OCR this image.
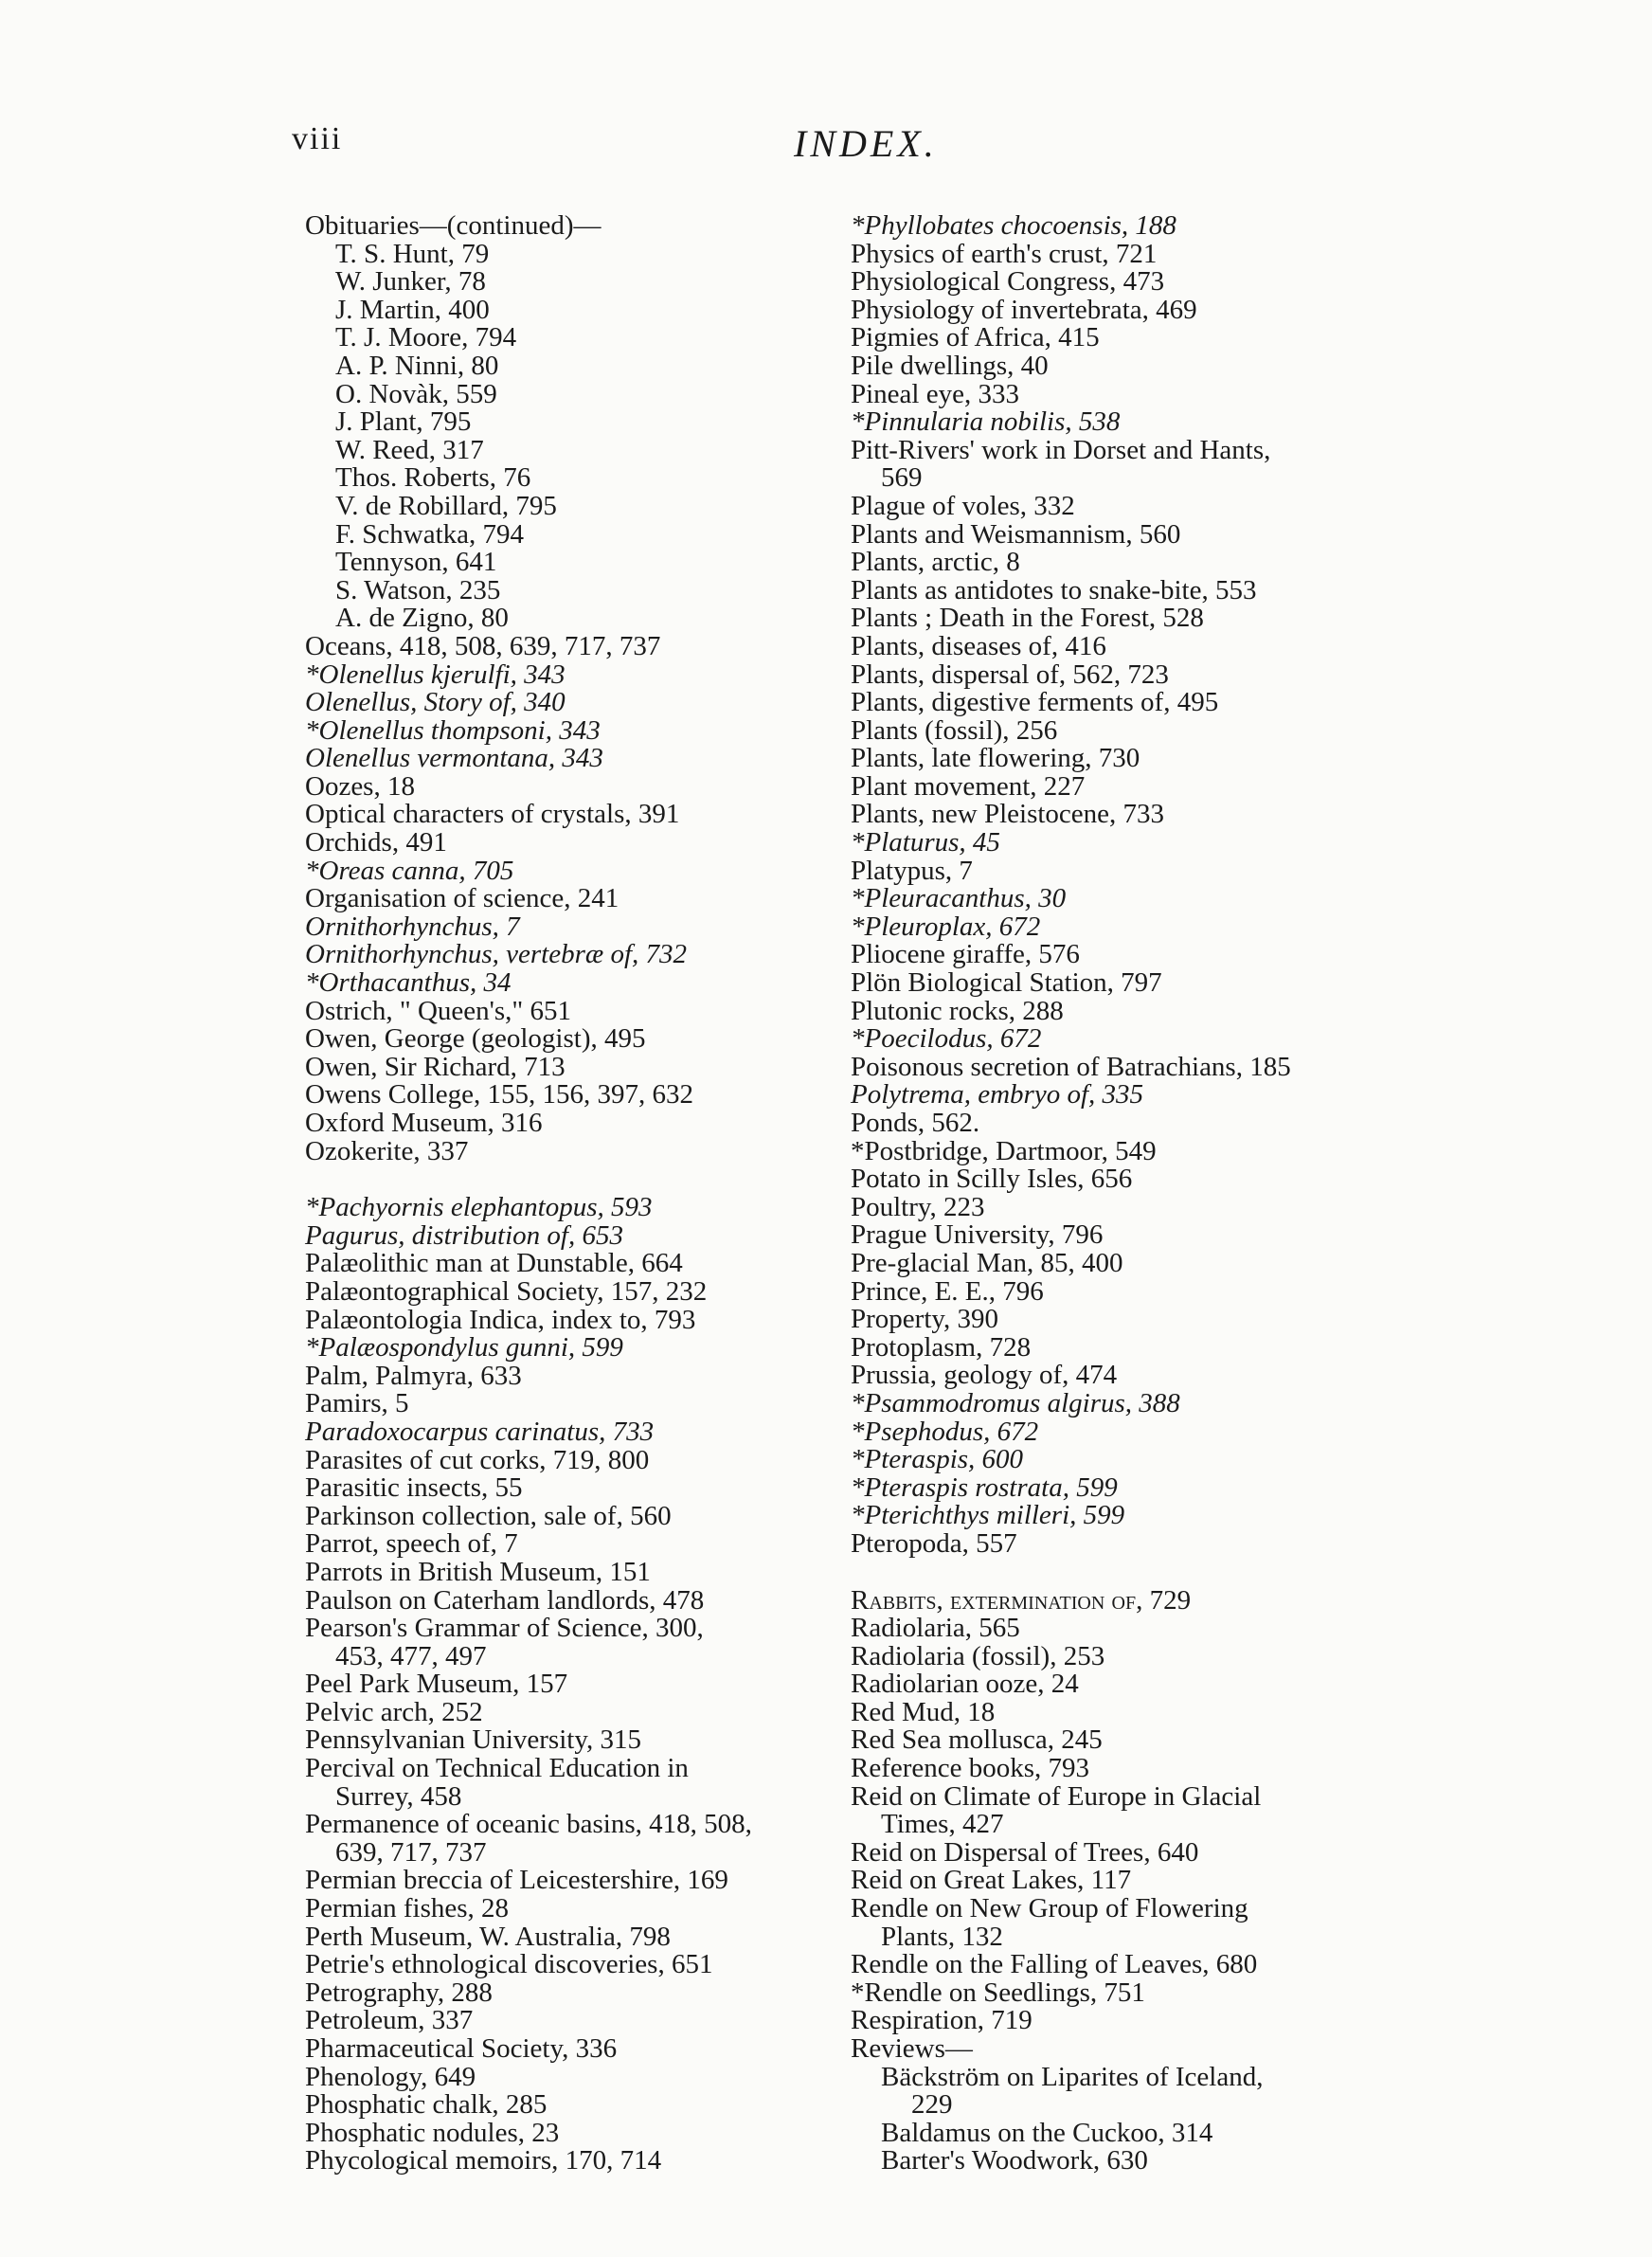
viii	INDEX.
Obituaries—(continued)—
T. S. Hunt, 79
W. Junker, 78
J. Martin, 400
T. J. Moore, 794
A. P. Ninni, 80
O. Novàk, 559
J. Plant, 795
W. Reed, 317
Thos. Roberts, 76
V. de Robillard, 795
F. Schwatka, 794
Tennyson, 641
S. Watson, 235
A. de Zigno, 80
Oceans, 418, 508, 639, 717, 737
*Olenellus kjerulfi, 343
Olenellus, Story of, 340
*Olenellus thompsoni, 343
Olenellus vermontana, 343
Oozes, 18
Optical characters of crystals, 391
Orchids, 491
*Oreas canna, 705
Organisation of science, 241
Ornithorhynchus, 7
Ornithorhynchus, vertebræ of, 732
*Orthacanthus, 34
Ostrich, " Queen's," 651
Owen, George (geologist), 495
Owen, Sir Richard, 713
Owens College, 155, 156, 397, 632
Oxford Museum, 316
Ozokerite, 337
*Pachyornis elephantopus, 593
Pagurus, distribution of, 653
Palæolithic man at Dunstable, 664
Palæontographical Society, 157, 232
Palæontologia Indica, index to, 793
*Palæospondylus gunni, 599
Palm, Palmyra, 633
Pamirs, 5
Paradoxocarpus carinatus, 733
Parasites of cut corks, 719, 800
Parasitic insects, 55
Parkinson collection, sale of, 560
Parrot, speech of, 7
Parrots in British Museum, 151
Paulson on Caterham landlords, 478
Pearson's Grammar of Science, 300,
453, 477, 497
Peel Park Museum, 157
Pelvic arch, 252
Pennsylvanian University, 315
Percival on Technical Education in
Surrey, 458
Permanence of oceanic basins, 418, 508,
639, 717, 737
Permian breccia of Leicestershire, 169
Permian fishes, 28
Perth Museum, W. Australia, 798
Petrie's ethnological discoveries, 651
Petrography, 288
Petroleum, 337
Pharmaceutical Society, 336
Phenology, 649
Phosphatic chalk, 285
Phosphatic nodules, 23
Phycological memoirs, 170, 714
*Phyllobates chocoensis, 188
Physics of earth's crust, 721
Physiological Congress, 473
Physiology of invertebrata, 469
Pigmies of Africa, 415
Pile dwellings, 40
Pineal eye, 333
*Pinnularia nobilis, 538
Pitt-Rivers' work in Dorset and Hants,
569
Plague of voles, 332
Plants and Weismannism, 560
Plants, arctic, 8
Plants as antidotes to snake-bite, 553
Plants ; Death in the Forest, 528
Plants, diseases of, 416
Plants, dispersal of, 562, 723
Plants, digestive ferments of, 495
Plants (fossil), 256
Plants, late flowering, 730
Plant movement, 227
Plants, new Pleistocene, 733
*Platurus, 45
Platypus, 7
*Pleuracanthus, 30
*Pleuroplax, 672
Pliocene giraffe, 576
Plön Biological Station, 797
Plutonic rocks, 288
*Poecilodus, 672
Poisonous secretion of Batrachians, 185
Polytrema, embryo of, 335
Ponds, 562.
*Postbridge, Dartmoor, 549
Potato in Scilly Isles, 656
Poultry, 223
Prague University, 796
Pre-glacial Man, 85, 400
Prince, E. E., 796
Property, 390
Protoplasm, 728
Prussia, geology of, 474
*Psammodromus algirus, 388
*Psephodus, 672
*Pteraspis, 600
*Pteraspis rostrata, 599
*Pterichthys milleri, 599
Pteropoda, 557
Rabbits, extermination of, 729
Radiolaria, 565
Radiolaria (fossil), 253
Radiolarian ooze, 24
Red Mud, 18
Red Sea mollusca, 245
Reference books, 793
Reid on Climate of Europe in Glacial
Times, 427
Reid on Dispersal of Trees, 640
Reid on Great Lakes, 117
Rendle on New Group of Flowering
Plants, 132
Rendle on the Falling of Leaves, 680
*Rendle on Seedlings, 751
Respiration, 719
Reviews—
Bäckström on Liparites of Iceland,
229
Baldamus on the Cuckoo, 314
Barter's Woodwork, 630
